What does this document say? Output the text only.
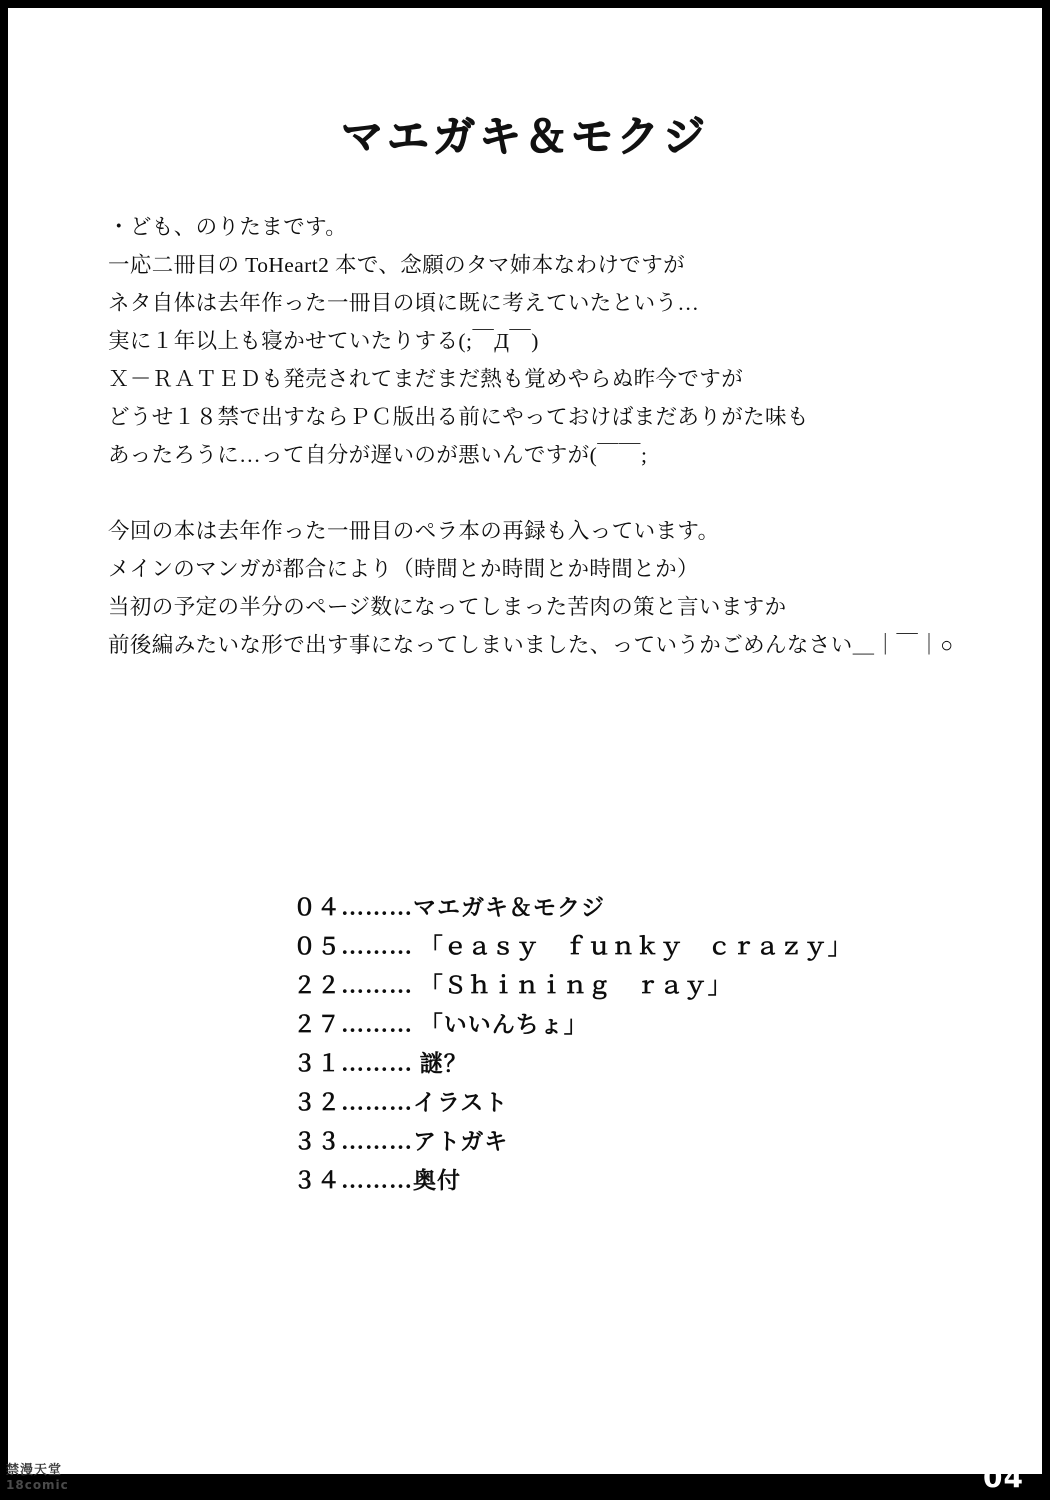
マエガキ＆モクジ

・ども、のりたまです。

一応二冊目の ToHeart2 本で、念願のタマ姉本なわけですが

ネタ自体は去年作った一冊目の頃に既に考えていたという…

実に１年以上も寝かせていたりする(;￣Д￣)

Ｘ－ＲＡＴＥＤも発売されてまだまだ熱も覚めやらぬ昨今ですが

どうせ１８禁で出すならＰＣ版出る前にやっておけばまだありがた味も

あったろうに…って自分が遅いのが悪いんですが(￣￣;

今回の本は去年作った一冊目のペラ本の再録も入っています。

メインのマンガが都合により（時間とか時間とか時間とか）

当初の予定の半分のページ数になってしまった苦肉の策と言いますか

前後編みたいな形で出す事になってしまいました、っていうかごめんなさい＿｜￣｜○

０４………マエガキ＆モクジ
０５……… 「ｅａｓｙ　ｆｕｎｋｙ　ｃｒａｚｙ」
２２……… 「Ｓｈｉｎｉｎｇ　ｒａｙ」
２７……… 「いいんちょ」
３１……… 謎？
３２………イラスト
３３………アトガキ
３４………奥付
禁漫天堂
18comic	04
